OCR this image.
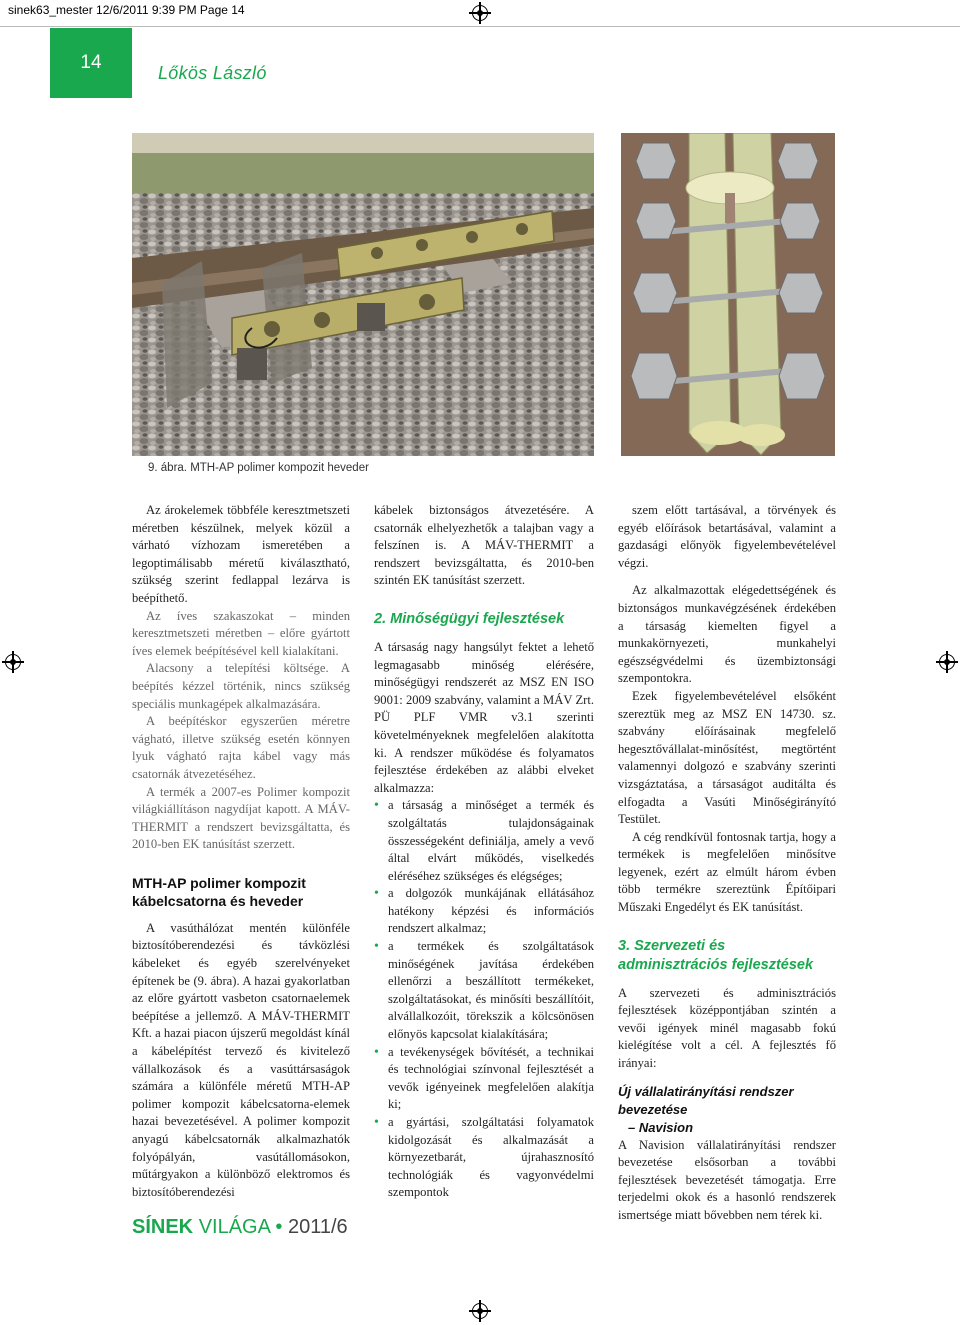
sinek63_mester 12/6/2011 9:39 PM Page 14
14	Lőkös László
9. ábra. MTH-AP polimer kompozit heveder

Az árokelemek többféle keresztmetszeti méretben készülnek, melyek közül a várható vízhozam ismeretében a legoptimálisabb méretű kiválasztható, szükség szerint fedlappal lezárva is beépíthető.

Az íves szakaszokat – minden keresztmetszeti méretben – előre gyártott íves elemek beépítésével kell kialakítani.

Alacsony a telepítési költsége. A beépítés kézzel történik, nincs szükség speciális munkagépek alkalmazására.

A beépítéskor egyszerűen méretre vágható, illetve szükség esetén könnyen lyuk vágható rajta kábel vagy más csatornák átvezetéséhez.

A termék a 2007-es Polimer kompozit világkiállításon nagydíjat kapott. A MÁV-THERMIT a rendszert bevizsgáltatta, és 2010-ben EK tanúsítást szerzett.

MTH-AP polimer kompozit kábelcsatorna és heveder

A vasúthálózat mentén különféle biztosítóberendezési és távközlési kábeleket és egyéb szerelvényeket építenek be (9. ábra). A hazai gyakorlatban az előre gyártott vasbeton csatornaelemek beépítése a jellemző. A MÁV-THERMIT Kft. a hazai piacon újszerű megoldást kínál a kábelépítést tervező és kivitelező vállalkozások és a vasúttársaságok számára a különféle méretű MTH-AP polimer kompozit kábelcsatorna-elemek hazai bevezetésével. A polimer kompozit anyagú kábelcsatornák alkalmazhatók folyópályán, vasútállomásokon, műtárgyakon a különböző elektromos és biztosítóberendezési

kábelek biztonságos átvezetésére. A csatornák elhelyezhetők a talajban vagy a felszínen is. A MÁV-THERMIT a rendszert bevizsgáltatta, és 2010-ben szintén EK tanúsítást szerzett.

2. Minőségügyi fejlesztések

A társaság nagy hangsúlyt fektet a lehető legmagasabb minőség elérésére, minőségügyi rendszerét az MSZ EN ISO 9001: 2009 szabvány, valamint a MÁV Zrt. PÜ PLF VMR v3.1 szerinti követelményeknek megfelelően alakította ki. A rendszer működése és folyamatos fejlesztése érdekében az alábbi elveket alkalmazza:

• a társaság a minőséget a termék és szolgáltatás tulajdonságainak összességeként definiálja, amely a vevő által elvárt működés, viselkedés eléréséhez szükséges és elégséges;
• a dolgozók munkájának ellátásához hatékony képzési és információs rendszert alkalmaz;
• a termékek és szolgáltatások minőségének javítása érdekében ellenőrzi a beszállított termékeket, szolgáltatásokat, és minősíti beszállítóit, alvállalkozóit, törekszik a kölcsönösen előnyös kapcsolat kialakítására;
• a tevékenységek bővítését, a technikai és technológiai színvonal fejlesztését a vevők igényeinek megfelelően alakítja ki;
• a gyártási, szolgáltatási folyamatok kidolgozását és alkalmazását a környezetbarát, újrahasznosító technológiák és vagyonvédelmi szempontok

szem előtt tartásával, a törvények és egyéb előírások betartásával, valamint a gazdasági előnyök figyelembevételével végzi.

Az alkalmazottak elégedettségének és biztonságos munkavégzésének érdekében a társaság kiemelten figyel a munkakörnyezeti, munkahelyi egészségvédelmi és üzembiztonsági szempontokra.

Ezek figyelembevételével elsőként szereztük meg az MSZ EN 14730. sz. szabvány előírásainak megfelelő hegesztővállalat-minősítést, megtörtént valamennyi dolgozó e szabvány szerinti vizsgáztatása, a társaságot auditálta és elfogadta a Vasúti Minőségirányító Testület.

A cég rendkívül fontosnak tartja, hogy a termékek is megfelelően minősítve legyenek, ezért az elmúlt három évben több termékre szereztünk Építőipari Műszaki Engedélyt és EK tanúsítást.

3. Szervezeti és adminisztrációs fejlesztések

A szervezeti és adminisztrációs fejlesztések középpontjában szintén a vevői igények minél magasabb fokú kielégítése volt a cél. A fejlesztés fő irányai:

Új vállalatirányítási rendszer bevezetése
– Navision

A Navision vállalatirányítási rendszer bevezetése elsősorban a további fejlesztések bevezetését támogatja. Erre terjedelmi okok és a hasonló rendszerek ismertsége miatt bővebben nem térek ki.

SÍNEK VILÁGA • 2011/6
